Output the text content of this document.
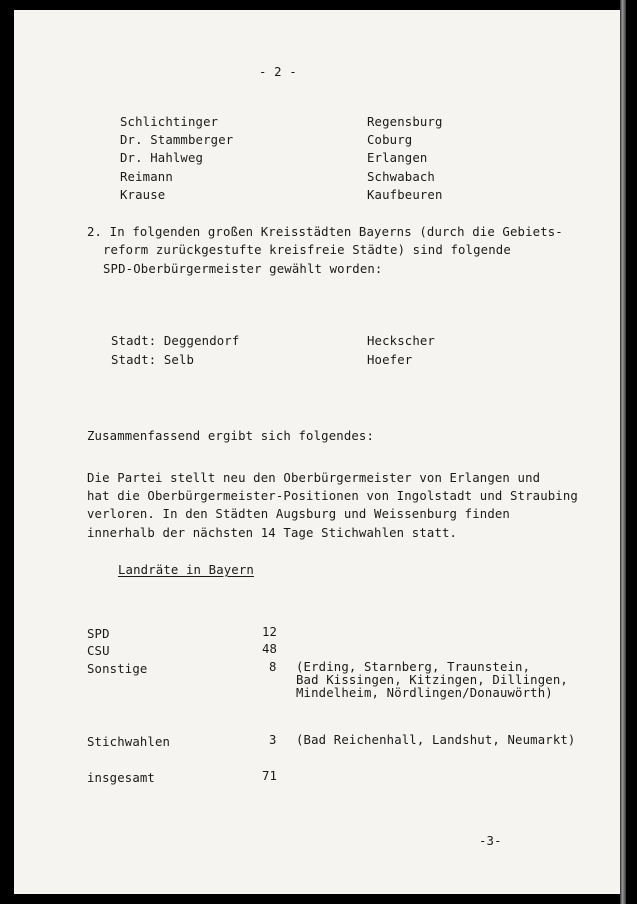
- 2 -
Schlichtinger	Regensburg
Dr. Stammberger	Coburg
Dr. Hahlweg	Erlangen
Reimann	Schwabach
Krause	Kaufbeuren
2. In folgenden großen Kreisstädten Bayerns (durch die Gebiets-
reform zurückgestufte kreisfreie Städte) sind folgende
SPD-Oberbürgermeister gewählt worden:
Stadt: Deggendorf	Heckscher
Stadt: Selb	Hoefer
Zusammenfassend ergibt sich folgendes:
Die Partei stellt neu den Oberbürgermeister von Erlangen und
hat die Oberbürgermeister-Positionen von Ingolstadt und Straubing
verloren. In den Städten Augsburg und Weissenburg finden
innerhalb der nächsten 14 Tage Stichwahlen statt.
Landräte in Bayern
SPD	12
CSU	48
Sonstige	8 (Erding, Starnberg, Traunstein,
Bad Kissingen, Kitzingen, Dillingen,
Mindelheim, Nördlingen/Donauwörth)
Stichwahlen	3 (Bad Reichenhall, Landshut, Neumarkt)
insgesamt	71
-3-
